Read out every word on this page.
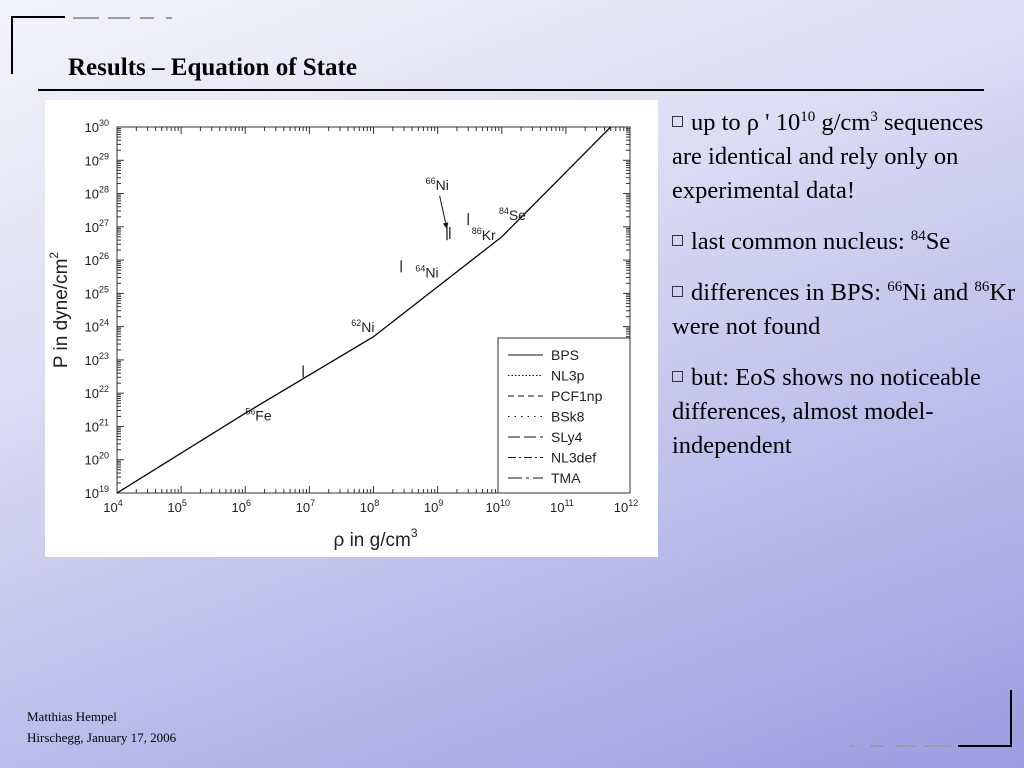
Results – Equation of State
$10^4$	$10^5$	$10^6$	$10^7$	$10^8$	$10^9$	$10^{10}$	$10^{11}$	$10^{12}$
$10^{19}$
$10^{20}$
$10^{21}$
$10^{22}$
$10^{23}$
$10^{24}$
$10^{25}$
$10^{26}$
$10^{27}$
$10^{28}$
$10^{29}$
$10^{30}$
ρ in $g/cm^3$
P in dyne/$cm^2$
$^{56}$Fe
$^{62}$Ni
$^{64}$Ni
$^{66}$Ni
$^{86}$Kr
$^{84}$Se
BPS
NL3p
PCF1np
BSk8
SLy4
NL3def
TMA
up to ρ ' $10^{10}$ $g/cm^3$ sequences are identical and rely only on experimental data!
last common nucleus: $^{84}$Se
differences in BPS: $^{66}$Ni and $^{86}$Kr were not found
but: EoS shows no noticeable differences, almost model-independent
Matthias Hempel
Hirschegg, January 17, 2006
